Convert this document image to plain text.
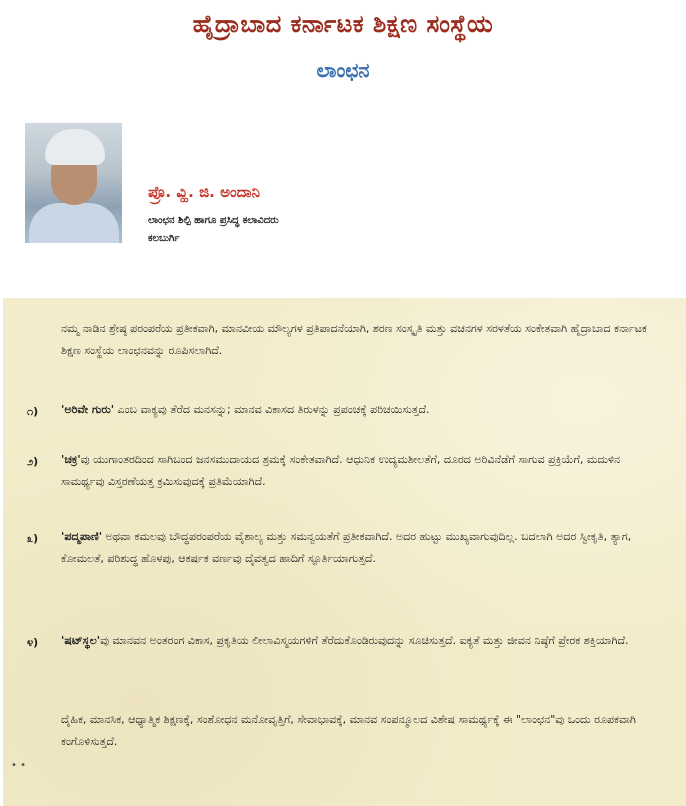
ಹೈದ್ರಾಬಾದ ಕರ್ನಾಟಕ ಶಿಕ್ಷಣ ಸಂಸ್ಥೆಯ
ಲಾಂಛನ
ಪ್ರೊ. ವ್ಹಿ. ಜಿ. ಅಂದಾನಿ
ಲಾಂಛನ ಶಿಲ್ಪಿ ಹಾಗೂ ಪ್ರಸಿದ್ಧ ಕಲಾವಿದರು
ಕಲಬುರ್ಗಿ
ನಮ್ಮ ನಾಡಿನ ಶ್ರೇಷ್ಠ ಪರಂಪರೆಯ ಪ್ರತೀಕವಾಗಿ, ಮಾನವೀಯ ಮೌಲ್ಯಗಳ ಪ್ರತಿಪಾದನೆಯಾಗಿ, ಶರಣ ಸಂಸ್ಕೃತಿ ಮತ್ತು ವಚನಗಳ ಸರಳತೆಯ ಸಂಕೇತವಾಗಿ ಹೈದ್ರಾಬಾದ ಕರ್ನಾಟಕ ಶಿಕ್ಷಣ ಸಂಸ್ಥೆಯ ಲಾಂಛನವನ್ನು ರೂಪಿಸಲಾಗಿದೆ.
೧) 'ಅರಿವೇ ಗುರು' ಎಂಬ ವಾಕ್ಯವು ತೆರೆದ ಮನಸನ್ನು; ಮಾನವ ವಿಕಾಸದ ತಿರುಳನ್ನು ಪ್ರಪಂಚಕ್ಕೆ ಪರಿಚಯಿಸುತ್ತದೆ.
೨) 'ಚಕ್ರ'ವು ಯುಗಾಂತರದಿಂದ ಸಾಗಿಬಂದ ಜನಸಮುದಾಯದ ಶ್ರಮಕ್ಕೆ ಸಂಕೇತವಾಗಿದೆ. ಆಧುನಿಕ ಉದ್ಯಮಶೀಲತೆಗೆ, ದೂರದ ಅರಿವಿನೆಡೆಗೆ ಸಾಗುವ ಪ್ರಕ್ರಿಯೆಗೆ, ಮದುಳಿನ ಸಾಮರ್ಥ್ಯವು ವಿಸ್ತರಣೆಯತ್ತ ಕ್ರಮಿಸುವುದಕ್ಕೆ ಪ್ರತಿಮೆಯಾಗಿದೆ.
೩) 'ಪದ್ಮಪಾಣಿ' ಅಥವಾ ಕಮಲವು ಬೌದ್ಧಪರಂಪರೆಯ ವೈಶಾಲ್ಯ ಮತ್ತು ಸಮನ್ವಯತೆಗೆ ಪ್ರತೀಕವಾಗಿದೆ. ಅದರ ಹುಟ್ಟು ಮುಖ್ಯವಾಗುವುದಿಲ್ಲ. ಬದಲಾಗಿ ಅದರ ಸ್ವೀಕೃತಿ, ತ್ಯಾಗ, ಕೋಮಲತೆ, ಪರಿಶುದ್ಧ ಹೊಳಪು, ಆಕರ್ಷಕ ವರ್ಣವು ದೈವತ್ವದ ಹಾದಿಗೆ ಸ್ಫೂರ್ತಿಯಾಗುತ್ತದೆ.
೪) 'ಷಟ್‌ಸ್ಥಲ'ವು ಮಾನವನ ಅಂತರಂಗ ವಿಕಾಸ, ಪ್ರಕೃತಿಯ ಲೀಲಾವಿಸ್ಮಯಗಳಿಗೆ ತೆರೆದುಕೊಂಡಿರುವುದನ್ನು ಸೂಚಿಸುತ್ತದೆ. ಐಕ್ಯತೆ ಮತ್ತು ಜೀವನ ನಿಷ್ಠೆಗೆ ಪ್ರೇರಕ ಶಕ್ತಿಯಾಗಿದೆ.
ದೈಹಿಕ, ಮಾನಸಿಕ, ಆಧ್ಯಾತ್ಮಿಕ ಶಿಕ್ಷಣಕ್ಕೆ, ಸಂಶೋಧನ ಮನೋವೃತ್ತಿಗೆ, ಸೇವಾಭಾವಕ್ಕೆ, ಮಾನವ ಸಂಪನ್ಮೂಲದ ವಿಶೇಷ ಸಾಮರ್ಥ್ಯಕ್ಕೆ ಈ "ಲಾಂಛನ"ವು ಒಂದು ರೂಪಕವಾಗಿ ಕಂಗೊಳಿಸುತ್ತದೆ.
• •
